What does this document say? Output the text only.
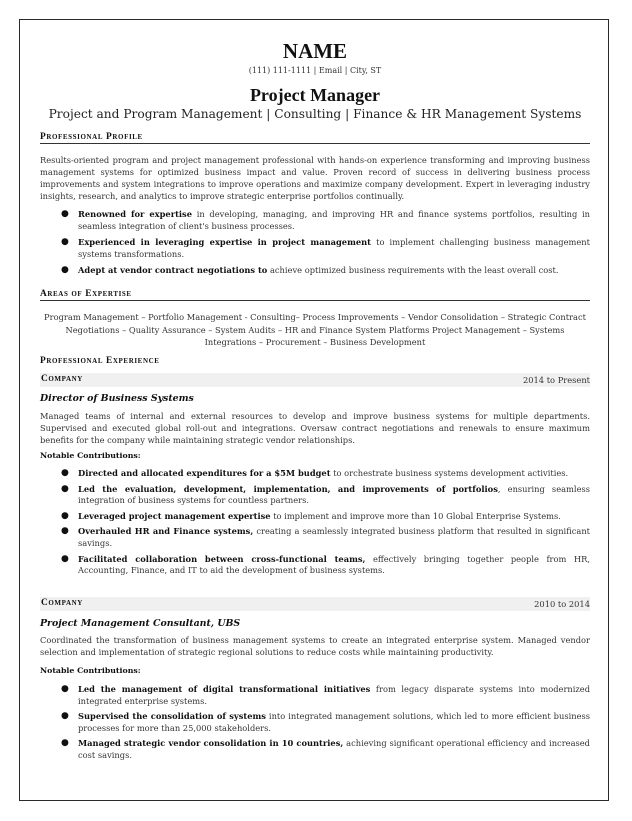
NAME
(111) 111-1111 | Email | City, ST
Project Manager
Project and Program Management | Consulting | Finance & HR Management Systems
Professional Profile
Results-oriented program and project management professional with hands-on experience transforming and improving business management systems for optimized business impact and value. Proven record of success in delivering business process improvements and system integrations to improve operations and maximize company development. Expert in leveraging industry insights, research, and analytics to improve strategic enterprise portfolios continually.
● Renowned for expertise in developing, managing, and improving HR and finance systems portfolios, resulting in seamless integration of client's business processes.
● Experienced in leveraging expertise in project management to implement challenging business management systems transformations.
● Adept at vendor contract negotiations to achieve optimized business requirements with the least overall cost.
Areas of Expertise
Program Management – Portfolio Management - Consulting– Process Improvements – Vendor Consolidation – Strategic Contract Negotiations – Quality Assurance – System Audits – HR and Finance System Platforms Project Management – Systems Integrations – Procurement – Business Development
Professional Experience
Company	2014 to Present
Director of Business Systems
Managed teams of internal and external resources to develop and improve business systems for multiple departments. Supervised and executed global roll-out and integrations. Oversaw contract negotiations and renewals to ensure maximum benefits for the company while maintaining strategic vendor relationships.
Notable Contributions:
● Directed and allocated expenditures for a $5M budget to orchestrate business systems development activities.
● Led the evaluation, development, implementation, and improvements of portfolios, ensuring seamless integration of business systems for countless partners.
● Leveraged project management expertise to implement and improve more than 10 Global Enterprise Systems.
● Overhauled HR and Finance systems, creating a seamlessly integrated business platform that resulted in significant savings.
● Facilitated collaboration between cross-functional teams, effectively bringing together people from HR, Accounting, Finance, and IT to aid the development of business systems.
Company	2010 to 2014
Project Management Consultant, UBS
Coordinated the transformation of business management systems to create an integrated enterprise system. Managed vendor selection and implementation of strategic regional solutions to reduce costs while maintaining productivity.
Notable Contributions:
● Led the management of digital transformational initiatives from legacy disparate systems into modernized integrated enterprise systems.
● Supervised the consolidation of systems into integrated management solutions, which led to more efficient business processes for more than 25,000 stakeholders.
● Managed strategic vendor consolidation in 10 countries, achieving significant operational efficiency and increased cost savings.
